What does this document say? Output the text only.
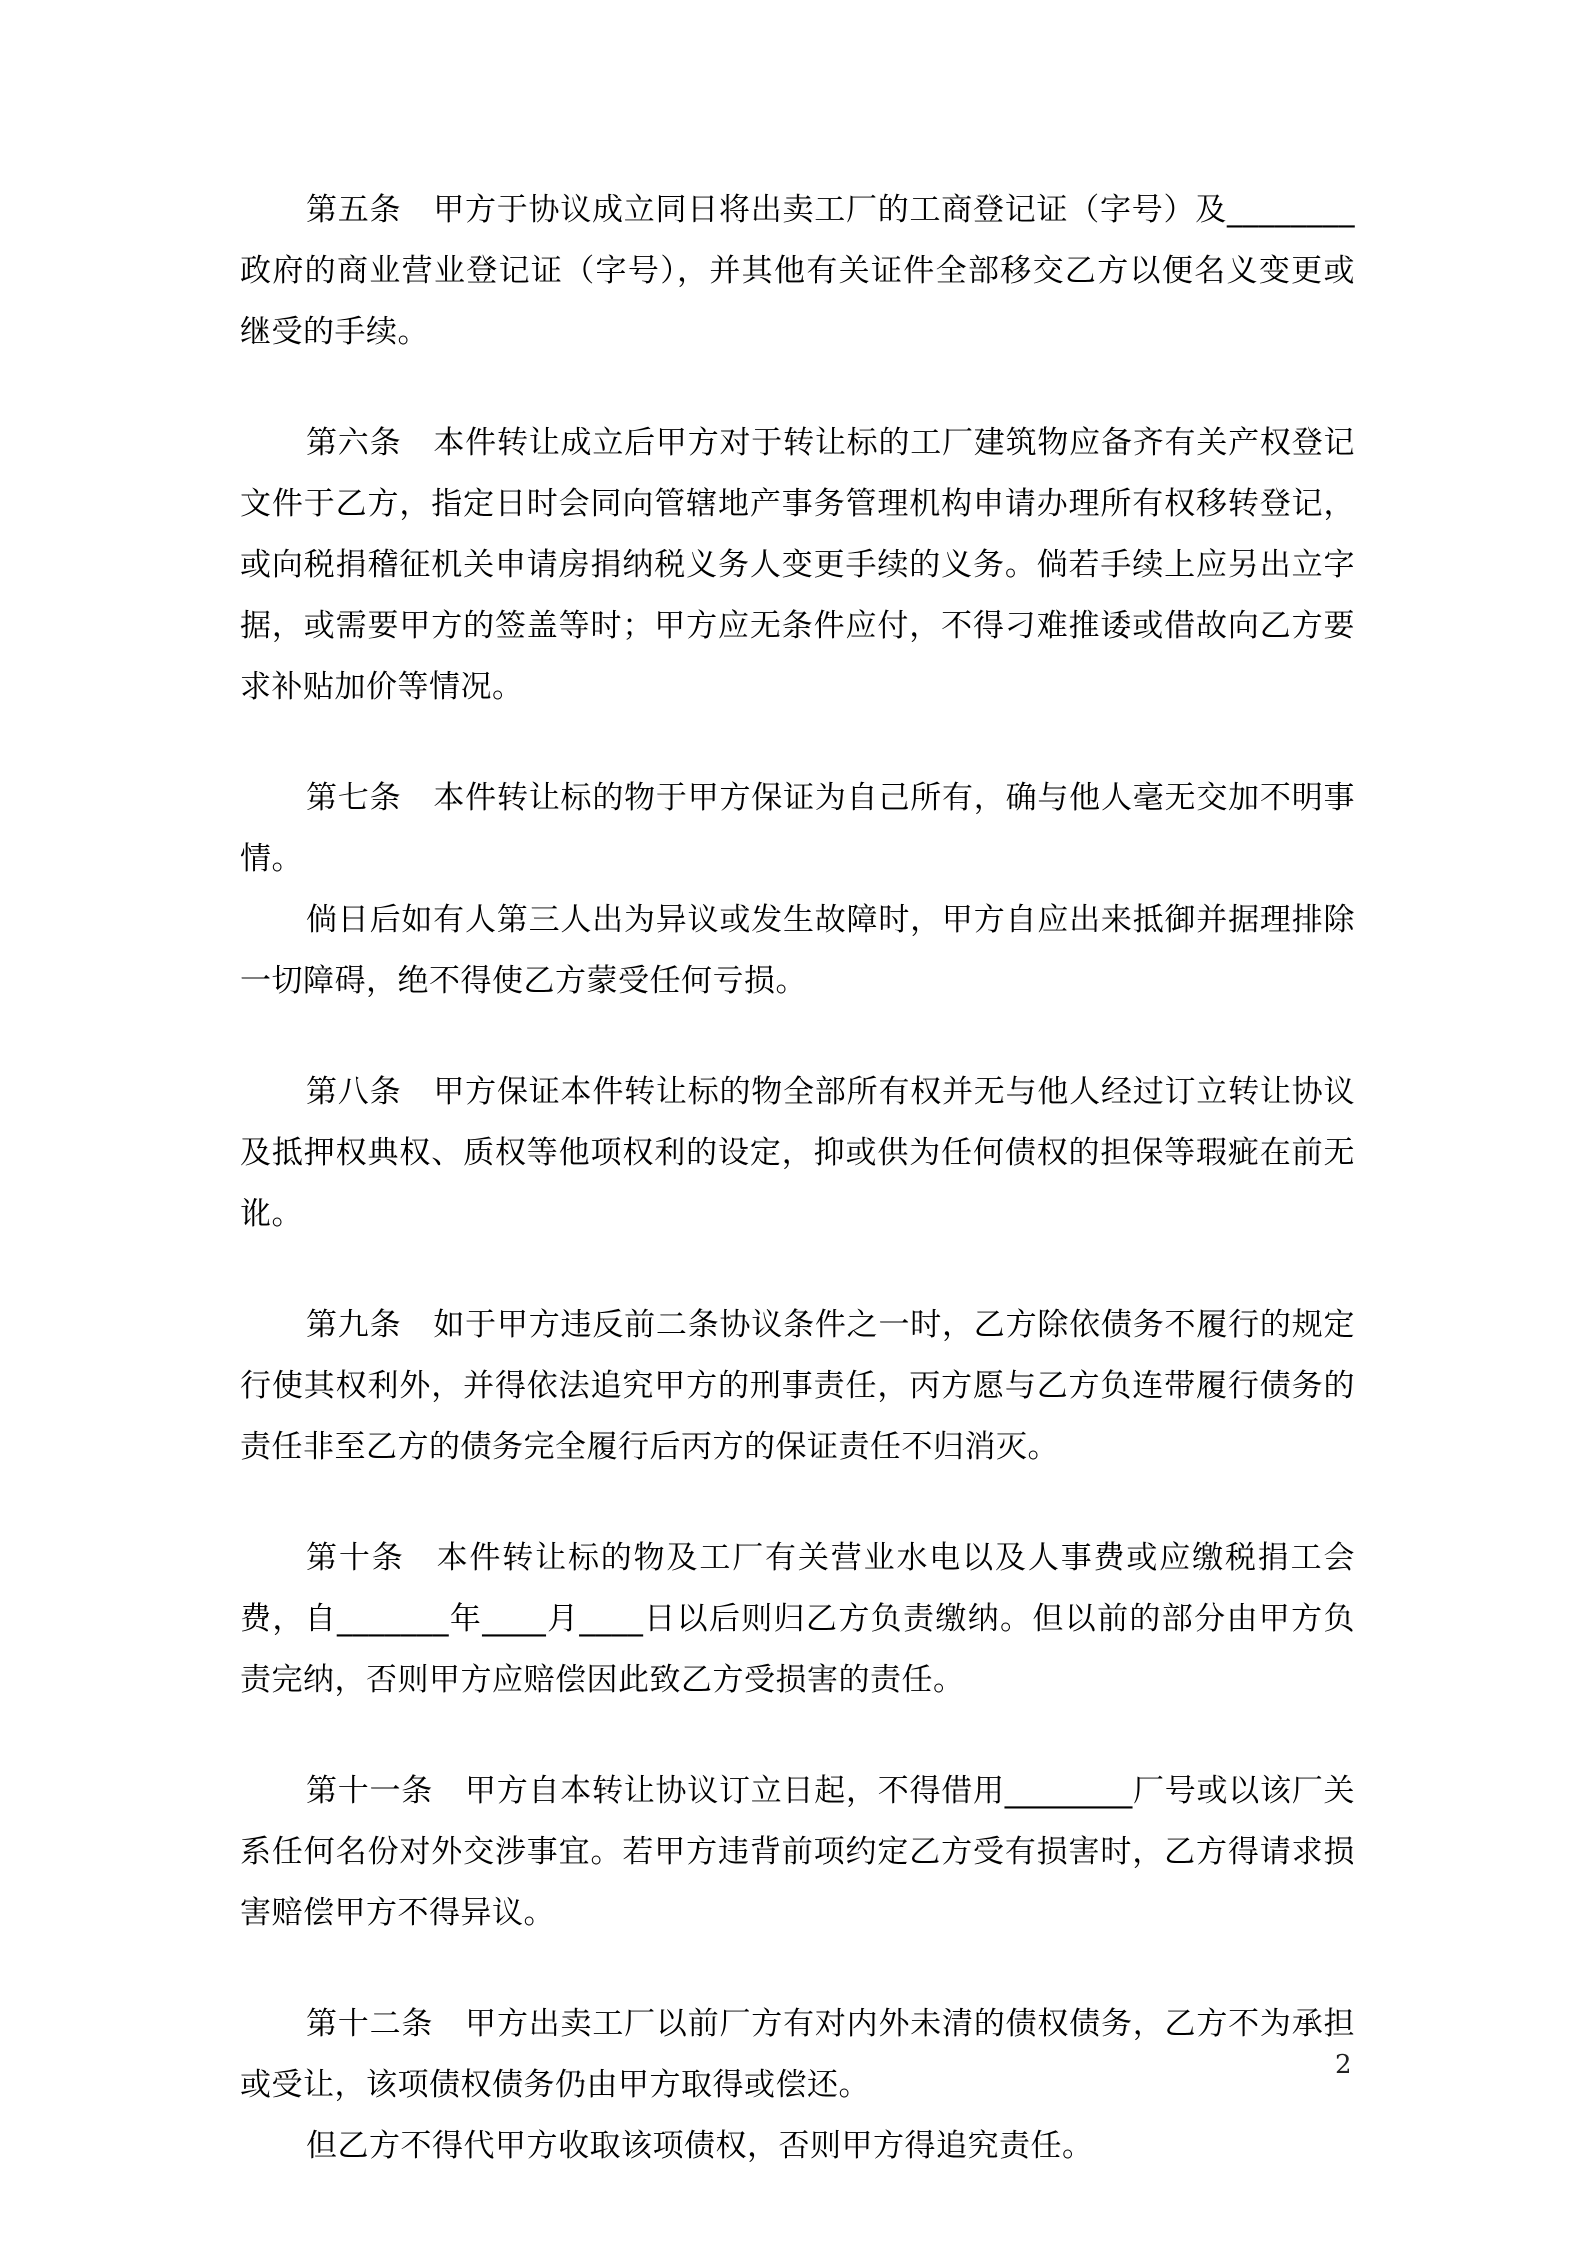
第五条 甲方于协议成立同日将出卖工厂的工商登记证（字号）及________政府的商业营业登记证（字号），并其他有关证件全部移交乙方以便名义变更或继受的手续。

第六条 本件转让成立后甲方对于转让标的工厂建筑物应备齐有关产权登记文件于乙方，指定日时会同向管辖地产事务管理机构申请办理所有权移转登记，或向税捐稽征机关申请房捐纳税义务人变更手续的义务。倘若手续上应另出立字据，或需要甲方的签盖等时；甲方应无条件应付，不得刁难推诿或借故向乙方要求补贴加价等情况。

第七条 本件转让标的物于甲方保证为自己所有，确与他人毫无交加不明事情。

倘日后如有人第三人出为异议或发生故障时，甲方自应出来抵御并据理排除一切障碍，绝不得使乙方蒙受任何亏损。

第八条 甲方保证本件转让标的物全部所有权并无与他人经过订立转让协议及抵押权典权、质权等他项权利的设定，抑或供为任何债权的担保等瑕疵在前无讹。

第九条 如于甲方违反前二条协议条件之一时，乙方除依债务不履行的规定行使其权利外，并得依法追究甲方的刑事责任，丙方愿与乙方负连带履行债务的责任非至乙方的债务完全履行后丙方的保证责任不归消灭。

第十条 本件转让标的物及工厂有关营业水电以及人事费或应缴税捐工会费，自_______年____月____日以后则归乙方负责缴纳。但以前的部分由甲方负责完纳，否则甲方应赔偿因此致乙方受损害的责任。

第十一条 甲方自本转让协议订立日起，不得借用________厂号或以该厂关系任何名份对外交涉事宜。若甲方违背前项约定乙方受有损害时，乙方得请求损害赔偿甲方不得异议。

第十二条 甲方出卖工厂以前厂方有对内外未清的债权债务，乙方不为承担或受让，该项债权债务仍由甲方取得或偿还。

但乙方不得代甲方收取该项债权，否则甲方得追究责任。

2
